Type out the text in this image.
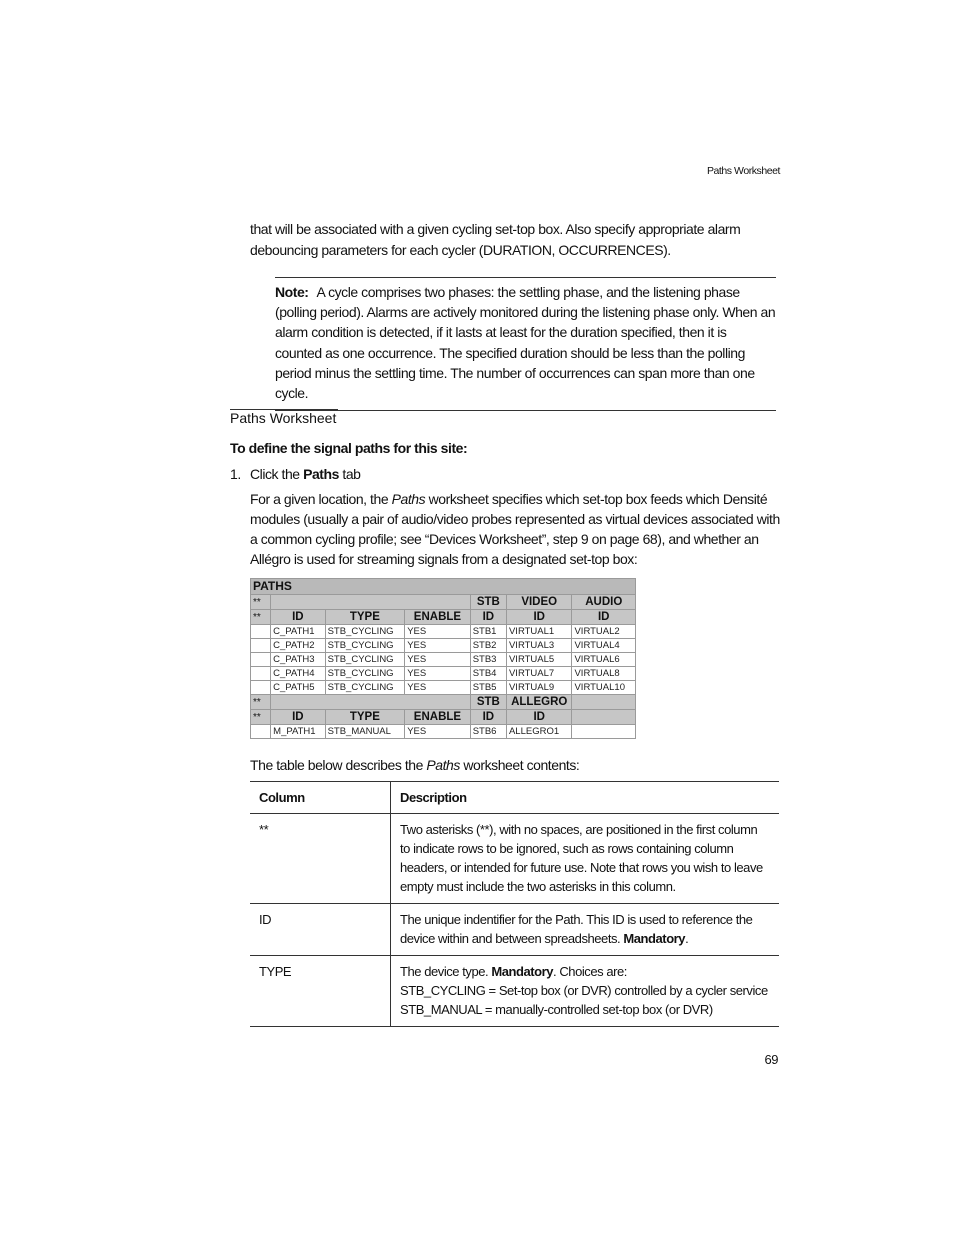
Paths Worksheet
that will be associated with a given cycling set-top box. Also specify appropriate alarm debouncing parameters for each cycler (DURATION, OCCURRENCES).
Note: A cycle comprises two phases: the settling phase, and the listening phase (polling period). Alarms are actively monitored during the listening phase only. When an alarm condition is detected, if it lasts at least for the duration specified, then it is counted as one occurrence. The specified duration should be less than the polling period minus the settling time. The number of occurrences can span more than one cycle.
Paths Worksheet
To define the signal paths for this site:
1. Click the Paths tab
For a given location, the Paths worksheet specifies which set-top box feeds which Densité modules (usually a pair of audio/video probes represented as virtual devices associated with a common cycling profile; see “Devices Worksheet”, step 9 on page 68), and whether an Allégro is used for streaming signals from a designated set-top box:
PATHS						
**				STB	VIDEO	AUDIO
**	ID	TYPE	ENABLE	ID	ID	ID
	C_PATH1	STB_CYCLING	YES	STB1	VIRTUAL1	VIRTUAL2
	C_PATH2	STB_CYCLING	YES	STB2	VIRTUAL3	VIRTUAL4
	C_PATH3	STB_CYCLING	YES	STB3	VIRTUAL5	VIRTUAL6
	C_PATH4	STB_CYCLING	YES	STB4	VIRTUAL7	VIRTUAL8
	C_PATH5	STB_CYCLING	YES	STB5	VIRTUAL9	VIRTUAL10
**				STB	ALLEGRO	
**	ID	TYPE	ENABLE	ID	ID	
	M_PATH1	STB_MANUAL	YES	STB6	ALLEGRO1	
The table below describes the Paths worksheet contents:
Column	Description
**	Two asterisks (**), with no spaces, are positioned in the first column to indicate rows to be ignored, such as rows containing column headers, or intended for future use. Note that rows you wish to leave empty must include the two asterisks in this column.
ID	The unique indentifier for the Path. This ID is used to reference the device within and between spreadsheets. Mandatory.
TYPE	The device type. Mandatory. Choices are:
STB_CYCLING = Set-top box (or DVR) controlled by a cycler service
STB_MANUAL = manually-controlled set-top box (or DVR)
69
